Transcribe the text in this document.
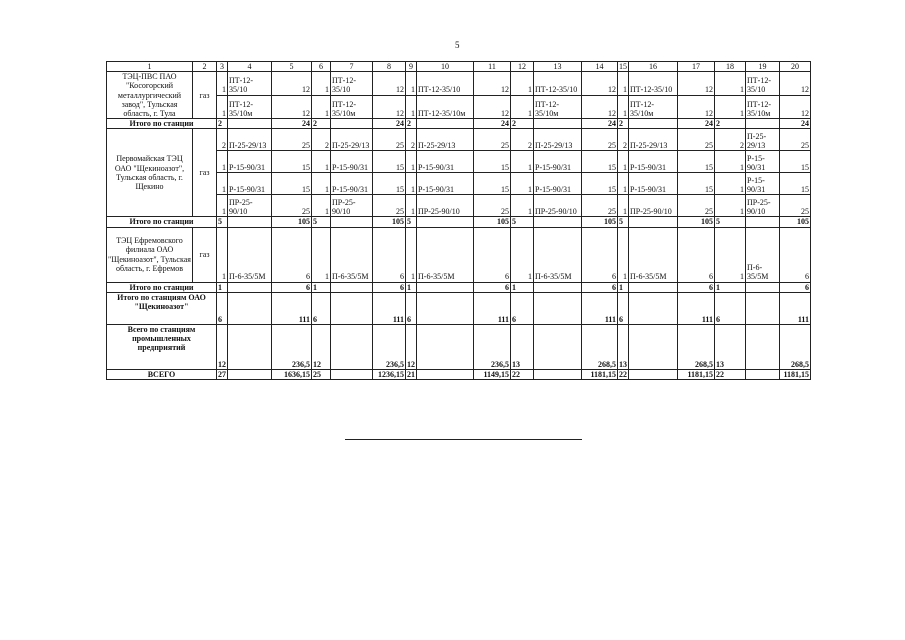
5
1	2	3	4	5	6	7	8	9	10	11	12	13	14	15	16	17	18	19	20
ТЭЦ-ПВС ПАО "Косогорский металлургический завод", Тульская область, г. Тула	газ	1	ПТ-12-35/10	12	1	ПТ-12-35/10	12	1	ПТ-12-35/10	12	1	ПТ-12-35/10	12	1	ПТ-12-35/10	12	1	ПТ-12-35/10	12
		1	ПТ-12-35/10м	12	1	ПТ-12-35/10м	12	1	ПТ-12-35/10м	12	1	ПТ-12-35/10м	12	1	ПТ-12-35/10м	12	1	ПТ-12-35/10м	12
Итого по станции		2		24	2		24	2		24	2		24	2		24	2		24
Первомайская ТЭЦ ОАО "Щекиноазот", Тульская область, г. Щекино	газ	2	П-25-29/13	25	2	П-25-29/13	25	2	П-25-29/13	25	2	П-25-29/13	25	2	П-25-29/13	25	2	П-25-29/13	25
		1	Р-15-90/31	15	1	Р-15-90/31	15	1	Р-15-90/31	15	1	Р-15-90/31	15	1	Р-15-90/31	15	1	Р-15-90/31	15
		1	Р-15-90/31	15	1	Р-15-90/31	15	1	Р-15-90/31	15	1	Р-15-90/31	15	1	Р-15-90/31	15	1	Р-15-90/31	15
		1	ПР-25-90/10	25	1	ПР-25-90/10	25	1	ПР-25-90/10	25	1	ПР-25-90/10	25	1	ПР-25-90/10	25	1	ПР-25-90/10	25
Итого по станции		5		105	5		105	5		105	5		105	5		105	5		105
ТЭЦ Ефремовского филиала ОАО "Щекиноазот", Тульская область, г. Ефремов	газ	1	П-6-35/5М	6	1	П-6-35/5М	6	1	П-6-35/5М	6	1	П-6-35/5М	6	1	П-6-35/5М	6	1	П-6-35/5М	6
Итого по станции		1		6	1		6	1		6	1		6	1		6	1		6
Итого по станциям ОАО "Щекиноазот"		6		111	6		111	6		111	6		111	6		111	6		111
Всего по станциям промышленных предприятий		12		236,5	12		236,5	12		236,5	13		268,5	13		268,5	13		268,5
ВСЕГО		27		1636,15	25		1236,15	21		1149,15	22		1181,15	22		1181,15	22		1181,15
